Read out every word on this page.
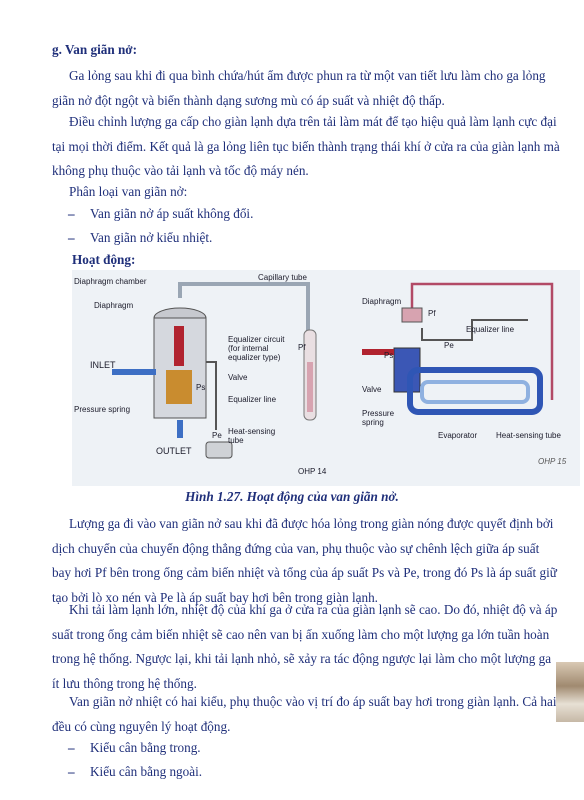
g. Van giãn nở:

Ga lỏng sau khi đi qua bình chứa/hút ẩm được phun ra từ một van tiết lưu làm cho ga lỏng giãn nở đột ngột và biến thành dạng sương mù có áp suất và nhiệt độ thấp.

Điều chỉnh lượng ga cấp cho giàn lạnh dựa trên tải làm mát để tạo hiệu quả làm lạnh cực đại tại mọi thời điểm. Kết quả là ga lỏng liên tục biến thành trạng thái khí ở cửa ra của giàn lạnh mà không phụ thuộc vào tải lạnh và tốc độ máy nén.

Phân loại van giãn nở:

– Van giãn nở áp suất không đổi.
– Van giãn nở kiểu nhiệt.
Hoạt động:
Diaphragm chamber
Diaphragm
Capillary tube
Equalizer circuit
(for internal
equalizer type)
Pf
INLET
Valve
Ps
Equalizer line
Pressure spring
Pe Heat-sensing
tube
OUTLET
OHP 14
Diaphragm
Pf
Equalizer line
Pe
Ps
Valve
Pressure
spring
Evaporator Heat-sensing tube
OHP 15
Hình 1.27. Hoạt động của van giãn nở.

Lượng ga đi vào van giãn nở sau khi đã được hóa lỏng trong giàn nóng được quyết định bởi dịch chuyển của chuyển động thẳng đứng của van, phụ thuộc vào sự chênh lệch giữa áp suất bay hơi Pf bên trong ống cảm biến nhiệt và tổng của áp suất Ps và Pe, trong đó Ps là áp suất giữ tạo bởi lò xo nén và Pe là áp suất bay hơi bên trong giàn lạnh.

Khi tải làm lạnh lớn, nhiệt độ của khí ga ở cửa ra của giàn lạnh sẽ cao. Do đó, nhiệt độ và áp suất trong ống cảm biến nhiệt sẽ cao nên van bị ấn xuống làm cho một lượng ga lớn tuần hoàn trong hệ thống. Ngược lại, khi tải lạnh nhỏ, sẽ xảy ra tác động ngược lại làm cho một lượng ga ít lưu thông trong hệ thống.

Van giãn nở nhiệt có hai kiểu, phụ thuộc vào vị trí đo áp suất bay hơi trong giàn lạnh. Cả hai đều có cùng nguyên lý hoạt động.

– Kiểu cân bằng trong.
– Kiểu cân bằng ngoài.
